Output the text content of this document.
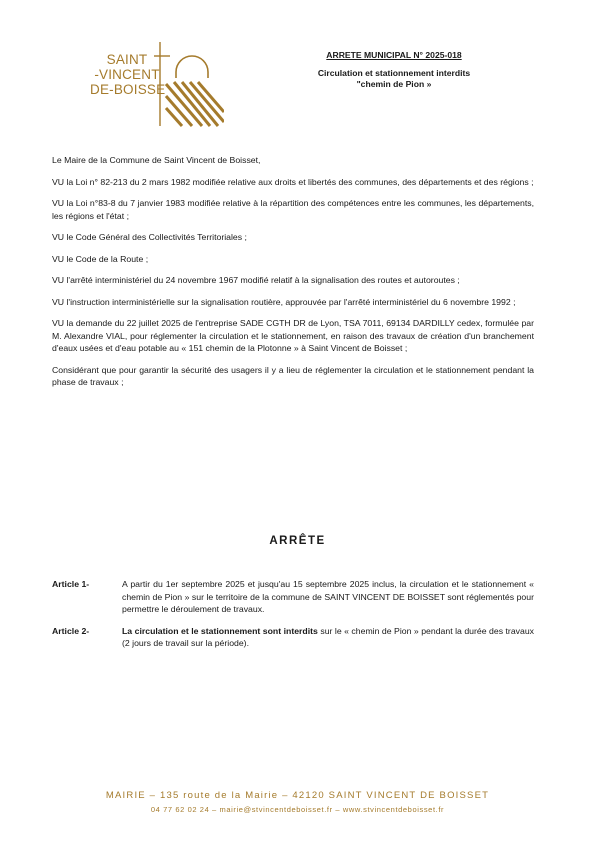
SAINT
-VINCENT
DE-BOISSE
ARRETE MUNICIPAL N° 2025-018
Circulation et stationnement interdits
"chemin de Pion »

Le Maire de la Commune de Saint Vincent de Boisset,

VU la Loi n° 82-213 du 2 mars 1982 modifiée relative aux droits et libertés des communes, des départements et des régions ;

VU la Loi n°83-8 du 7 janvier 1983 modifiée relative à la répartition des compétences entre les communes, les départements, les régions et l'état ;

VU le Code Général des Collectivités Territoriales ;

VU le Code de la Route ;

VU l'arrêté interministériel du 24 novembre 1967 modifié relatif à la signalisation des routes et autoroutes ;

VU l'instruction interministérielle sur la signalisation routière, approuvée par l'arrêté interministériel du 6 novembre 1992 ;

VU la demande du 22 juillet 2025 de l'entreprise SADE CGTH DR de Lyon, TSA 7011, 69134 DARDILLY cedex, formulée par M. Alexandre VIAL, pour réglementer la circulation et le stationnement, en raison des travaux de création d'un branchement d'eaux usées et d'eau potable au « 151 chemin de la Plotonne » à Saint Vincent de Boisset ;

Considérant que pour garantir la sécurité des usagers il y a lieu de réglementer la circulation et le stationnement pendant la phase de travaux ;

ARRÊTE
Article 1-	A partir du 1er septembre 2025 et jusqu'au 15 septembre 2025 inclus, la circulation et le stationnement « chemin de Pion » sur le territoire de la commune de SAINT VINCENT DE BOISSET sont réglementés pour permettre le déroulement de travaux.
Article 2-	La circulation et le stationnement sont interdits sur le « chemin de Pion » pendant la durée des travaux (2 jours de travail sur la période).
MAIRIE – 135 route de la Mairie – 42120 SAINT VINCENT DE BOISSET
04 77 62 02 24 – mairie@stvincentdeboisset.fr – www.stvincentdeboisset.fr
